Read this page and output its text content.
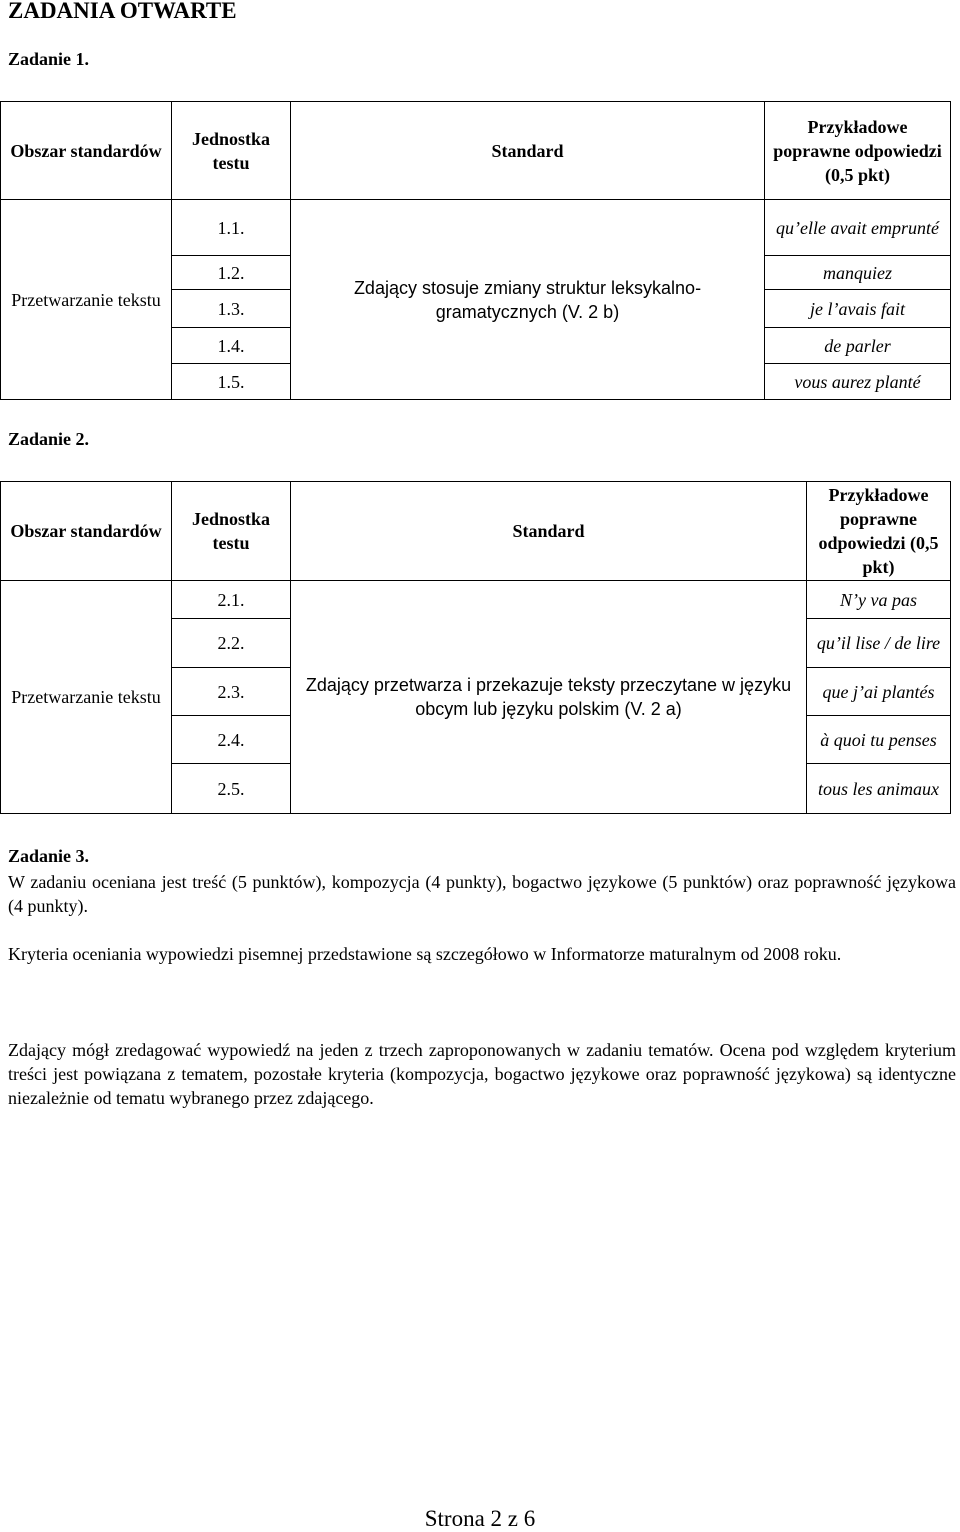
ZADANIA OTWARTE
Zadanie 1.
Obszar standardów	Jednostka testu	Standard	Przykładowe poprawne odpowiedzi (0,5 pkt)
Przetwarzanie tekstu	1.1.	Zdający stosuje zmiany struktur leksykalno-gramatycznych (V. 2 b)	qu’elle avait emprunté
	1.2.		manquiez
	1.3.		je l’avais fait
	1.4.		de parler
	1.5.		vous aurez planté
Zadanie 2.
Obszar standardów	Jednostka testu	Standard	Przykładowe poprawne odpowiedzi (0,5 pkt)
Przetwarzanie tekstu	2.1.	Zdający przetwarza i przekazuje teksty przeczytane w języku obcym lub języku polskim (V. 2 a)	N’y va pas
	2.2.		qu’il lise / de lire
	2.3.		que j’ai plantés
	2.4.		à quoi tu penses
	2.5.		tous les animaux
Zadanie 3.
W zadaniu oceniana jest treść (5 punktów), kompozycja (4 punkty), bogactwo językowe (5 punktów) oraz poprawność językowa (4 punkty).
Kryteria oceniania wypowiedzi pisemnej przedstawione są szczegółowo w Informatorze maturalnym od 2008 roku.
Zdający mógł zredagować wypowiedź na jeden z trzech zaproponowanych w zadaniu tematów. Ocena pod względem kryterium treści jest powiązana z tematem, pozostałe kryteria (kompozycja, bogactwo językowe oraz poprawność językowa) są identyczne niezależnie od tematu wybranego przez zdającego.
Strona 2 z 6
